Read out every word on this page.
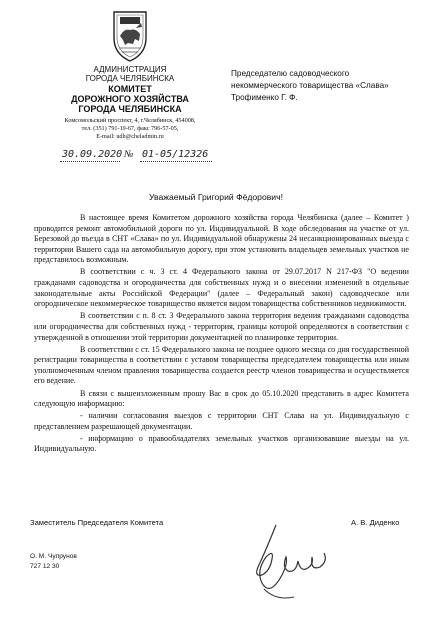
АДМИНИСТРАЦИЯ
ГОРОДА ЧЕЛЯБИНСКА
КОМИТЕТ
ДОРОЖНОГО ХОЗЯЙСТВА
ГОРОДА ЧЕЛЯБИНСКА
Комсомольский проспект, 4, г.Челябинск, 454008,
тел. (351) 791-19-67, факс 796-57-05,
E-mail: udh@cheladmin.ru
30.09.2020 № 01-05/12326
Председателю садоводческого
некоммерческого товарищества «Слава»
Трофименко Г. Ф.
Уважаемый Григорий Фёдорович!

В настоящее время Комитетом дорожного хозяйства города Челябинска (далее – Комитет ) проводится ремонт автомобильной дороги по ул. Индивидуальной. В ходе обследования на участке от ул. Березовой до въезда в СНТ «Слава» по ул. Индивидуальной обнаружены 24 несанкционированных выезда с территории Вашего сада на автомобильную дорогу, при этом установить владельцев земельных участков не представилось возможным.

В соответствии с ч. 3 ст. 4 Федерального закона от 29.07.2017 N 217-ФЗ "О ведении гражданами садоводства и огородничества для собственных нужд и о внесении изменений в отдельные законодательные акты Российской Федерации" (далее – Федеральный закон) садоводческое или огородническое некоммерческое товарищество является видом товарищества собственников недвижимости.

В соответствии с п. 8 ст. 3 Федерального закона территория ведения гражданами садоводства или огородничества для собственных нужд - территория, границы которой определяются в соответствии с утвержденной в отношении этой территории документацией по планировке территории.

В соответствии с ст. 15 Федерального закона не позднее одного месяца со дня государственной регистрации товарищества в соответствии с уставом товарищества председателем товарищества или иным уполномоченным членом правления товарищества создается реестр членов товарищества и осуществляется его ведение.

В связи с вышеизложенным прошу Вас в срок до 05.10.2020 представить в адрес Комитета следующую информацию:

- наличии согласования выездов с территории СНТ Слава на ул. Индивидуальную с представлением разрешающей документации.

- информацию о правообладателях земельных участков организовавшие выезды на ул. Индивидуальную.

Заместитель Председателя Комитета	А. В. Диденко
О. М. Чупрунов
727 12 30
